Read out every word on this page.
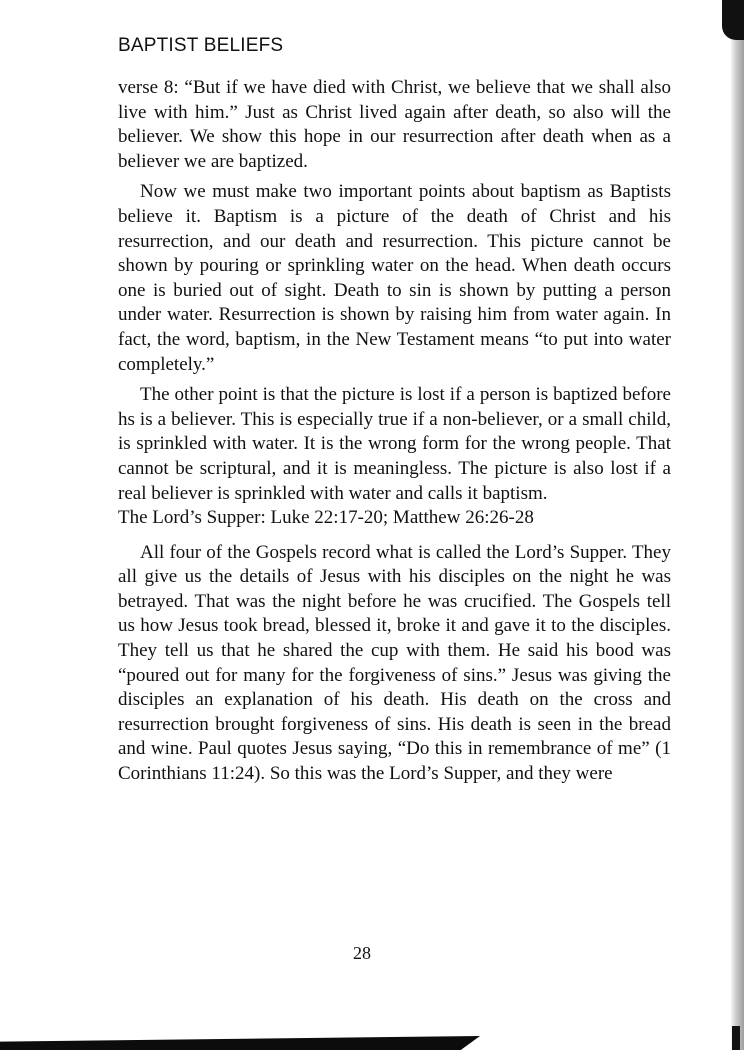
BAPTIST BELIEFS

verse 8: “But if we have died with Christ, we believe that we shall also live with him.” Just as Christ lived again after death, so also will the believer. We show this hope in our resurrection after death when as a believer we are baptized.

Now we must make two important points about baptism as Baptists believe it. Baptism is a picture of the death of Christ and his resurrection, and our death and resurrection. This picture cannot be shown by pouring or sprinkling water on the head. When death occurs one is buried out of sight. Death to sin is shown by putting a person under water. Resurrection is shown by raising him from water again. In fact, the word, baptism, in the New Testament means “to put into water completely.”

The other point is that the picture is lost if a person is baptized before hs is a believer. This is especially true if a non-believer, or a small child, is sprinkled with water. It is the wrong form for the wrong people. That cannot be scriptural, and it is meaningless. The picture is also lost if a real believer is sprinkled with water and calls it baptism.

The Lord’s Supper: Luke 22:17-20; Matthew 26:26-28

All four of the Gospels record what is called the Lord’s Supper. They all give us the details of Jesus with his disciples on the night he was betrayed. That was the night before he was crucified. The Gospels tell us how Jesus took bread, blessed it, broke it and gave it to the disciples. They tell us that he shared the cup with them. He said his bood was “poured out for many for the forgiveness of sins.” Jesus was giving the disciples an explanation of his death. His death on the cross and resurrection brought forgiveness of sins. His death is seen in the bread and wine. Paul quotes Jesus saying, “Do this in remembrance of me” (1 Corinthians 11:24). So this was the Lord’s Supper, and they were

28
